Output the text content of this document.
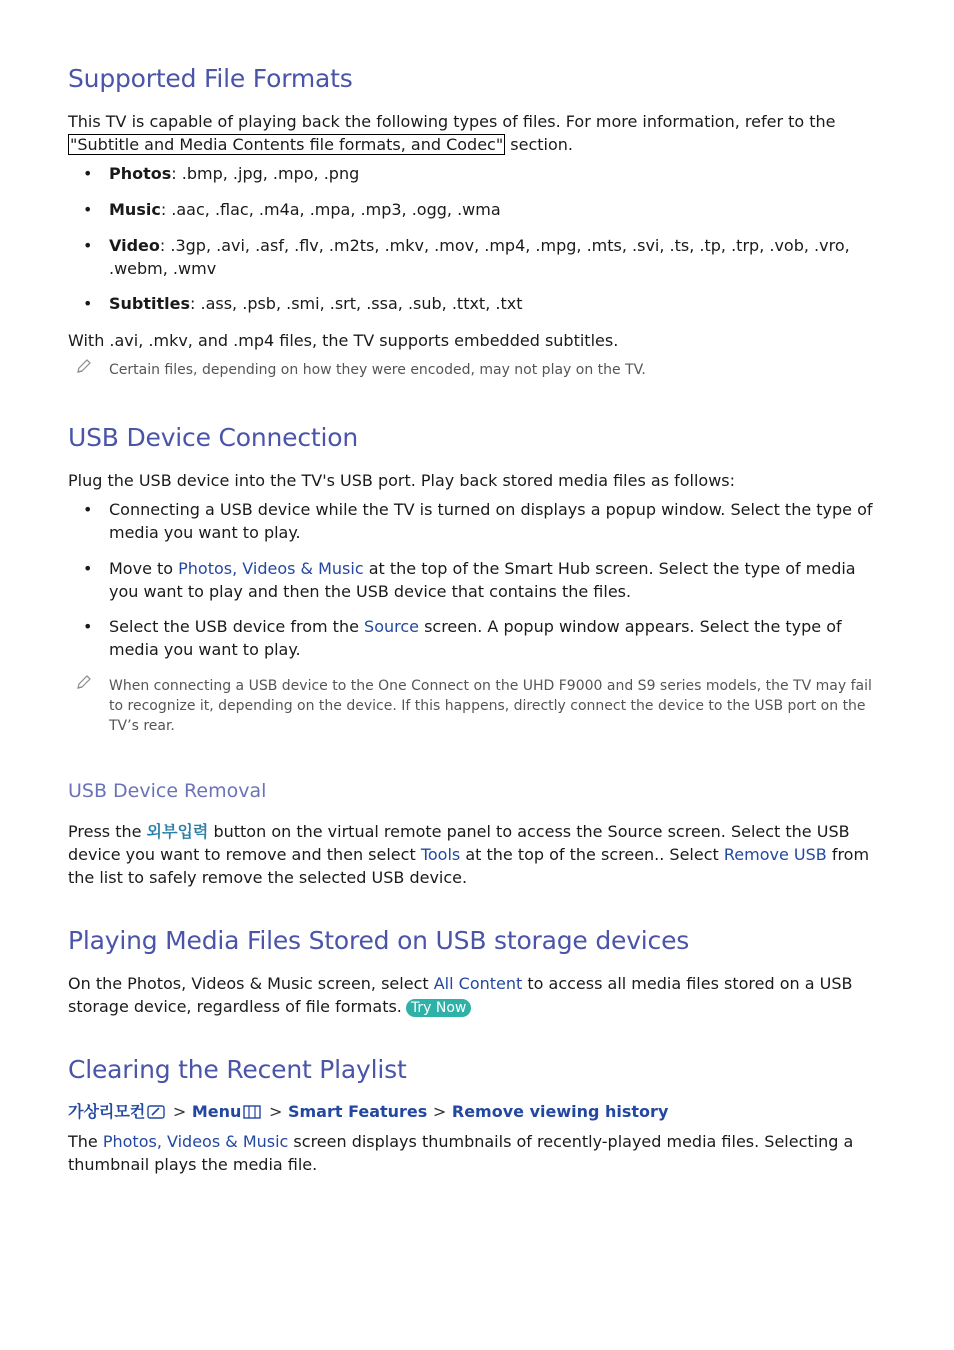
Supported File Formats

This TV is capable of playing back the following types of files. For more information, refer to the
"Subtitle and Media Contents file formats, and Codec" section.

• Photos: .bmp, .jpg, .mpo, .png
• Music: .aac, .flac, .m4a, .mpa, .mp3, .ogg, .wma
• Video: .3gp, .avi, .asf, .flv, .m2ts, .mkv, .mov, .mp4, .mpg, .mts, .svi, .ts, .tp, .trp, .vob, .vro, .webm, .wmv
• Subtitles: .ass, .psb, .smi, .srt, .ssa, .sub, .ttxt, .txt

With .avi, .mkv, and .mp4 files, the TV supports embedded subtitles.

Certain files, depending on how they were encoded, may not play on the TV.
USB Device Connection

Plug the USB device into the TV's USB port. Play back stored media files as follows:

• Connecting a USB device while the TV is turned on displays a popup window. Select the type of media you want to play.
• Move to Photos, Videos & Music at the top of the Smart Hub screen. Select the type of media you want to play and then the USB device that contains the files.
• Select the USB device from the Source screen. A popup window appears. Select the type of media you want to play.
When connecting a USB device to the One Connect on the UHD F9000 and S9 series models, the TV may fail to recognize it, depending on the device. If this happens, directly connect the device to the USB port on the TV’s rear.
USB Device Removal

Press the 외부입력 button on the virtual remote panel to access the Source screen. Select the USB device you want to remove and then select Tools at the top of the screen.. Select Remove USB from the list to safely remove the selected USB device.

Playing Media Files Stored on USB storage devices

On the Photos, Videos & Music screen, select All Content to access all media files stored on a USB storage device, regardless of file formats. Try Now

Clearing the Recent Playlist
가상리모컨 > Menu > Smart Features > Remove viewing history

The Photos, Videos & Music screen displays thumbnails of recently-played media files. Selecting a thumbnail plays the media file.
